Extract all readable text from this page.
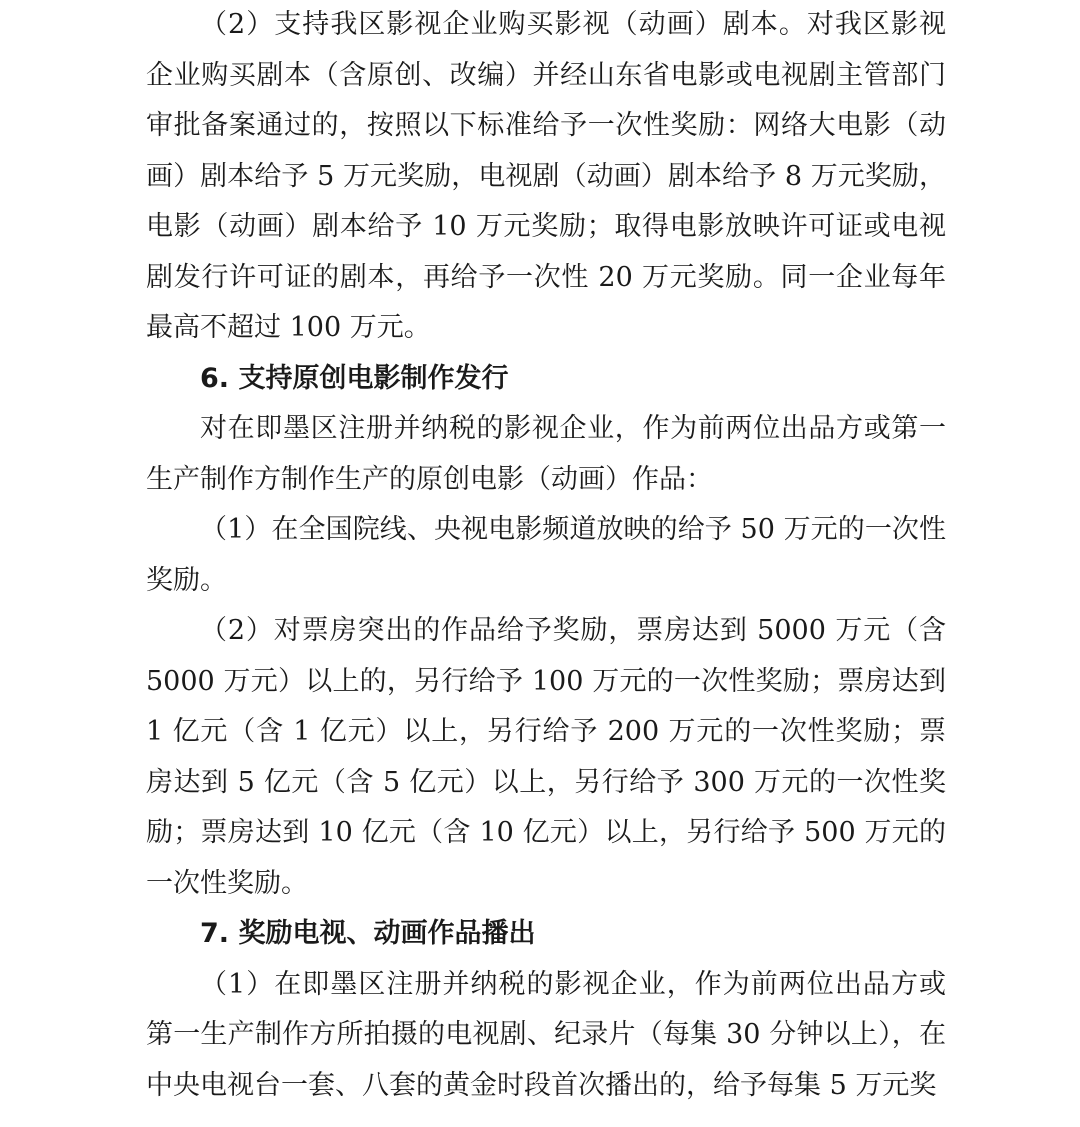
（2）支持我区影视企业购买影视（动画）剧本。对我区影视企业购买剧本（含原创、改编）并经山东省电影或电视剧主管部门审批备案通过的，按照以下标准给予一次性奖励：网络大电影（动画）剧本给予 5 万元奖励，电视剧（动画）剧本给予 8 万元奖励，电影（动画）剧本给予 10 万元奖励；取得电影放映许可证或电视剧发行许可证的剧本，再给予一次性 20 万元奖励。同一企业每年最高不超过 100 万元。

6. 支持原创电影制作发行

对在即墨区注册并纳税的影视企业，作为前两位出品方或第一生产制作方制作生产的原创电影（动画）作品：

（1）在全国院线、央视电影频道放映的给予 50 万元的一次性奖励。

（2）对票房突出的作品给予奖励，票房达到 5000 万元（含 5000 万元）以上的，另行给予 100 万元的一次性奖励；票房达到 1 亿元（含 1 亿元）以上，另行给予 200 万元的一次性奖励；票房达到 5 亿元（含 5 亿元）以上，另行给予 300 万元的一次性奖励；票房达到 10 亿元（含 10 亿元）以上，另行给予 500 万元的一次性奖励。

7. 奖励电视、动画作品播出

（1）在即墨区注册并纳税的影视企业，作为前两位出品方或第一生产制作方所拍摄的电视剧、纪录片（每集 30 分钟以上），在中央电视台一套、八套的黄金时段首次播出的，给予每集 5 万元奖
